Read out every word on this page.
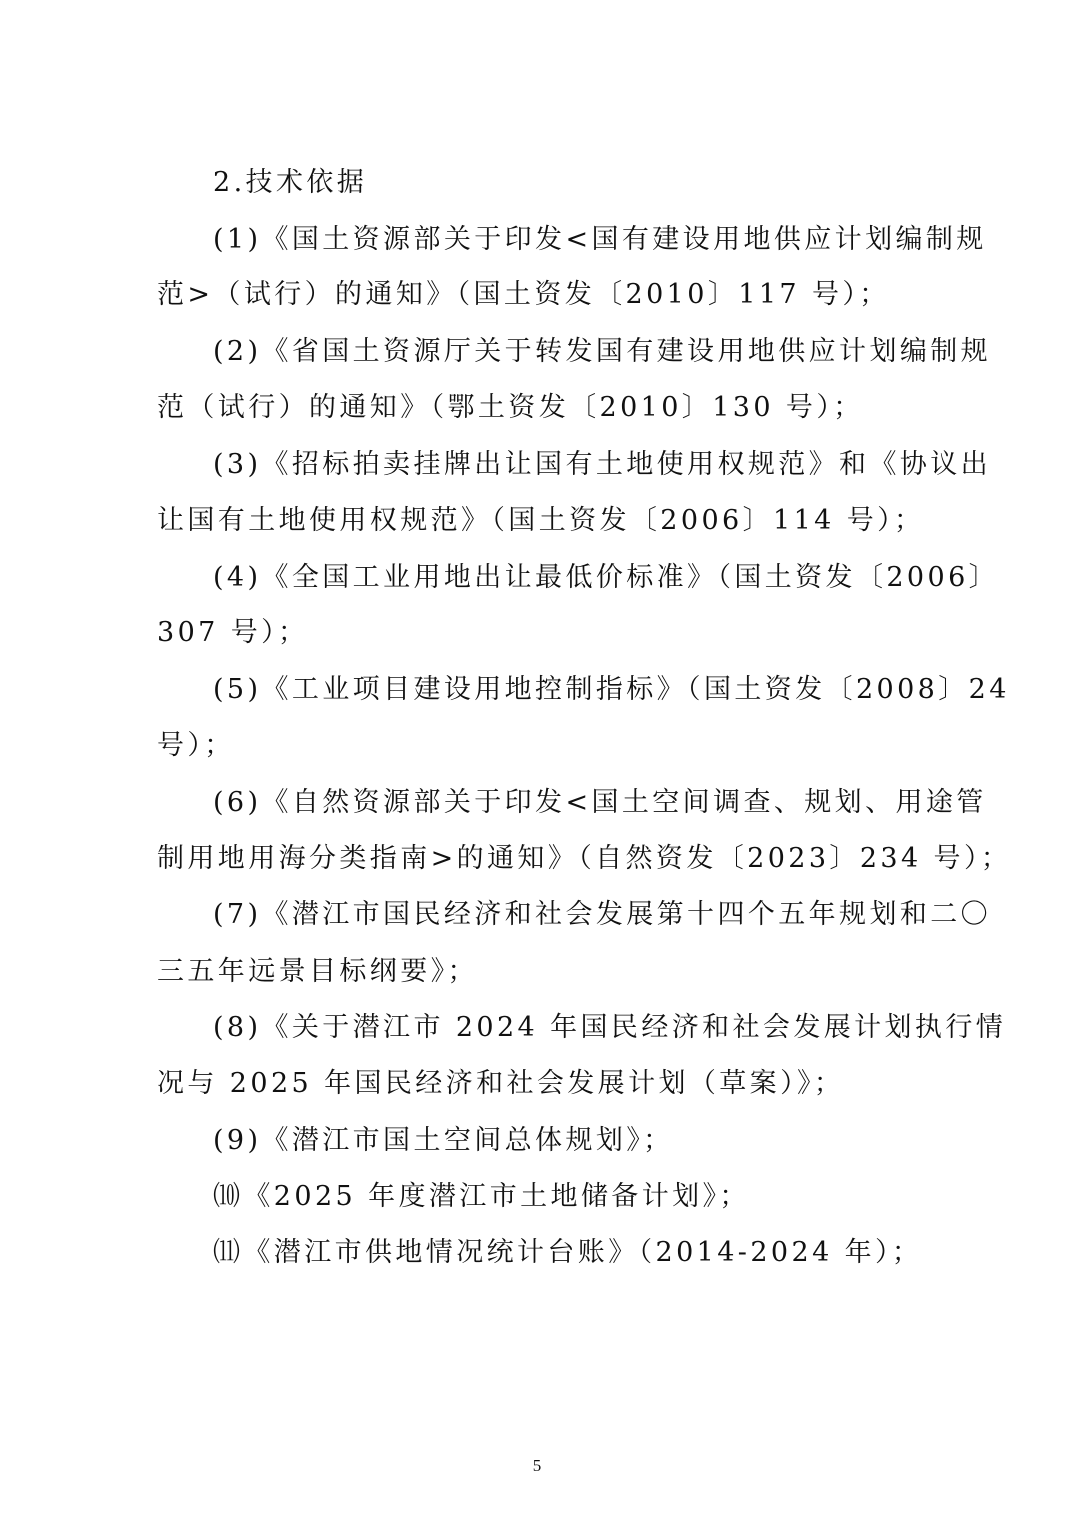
2.技术依据
(1)《国土资源部关于印发<国有建设用地供应计划编制规
范>（试行）的通知》（国土资发〔2010〕117 号）；
(2)《省国土资源厅关于转发国有建设用地供应计划编制规
范（试行）的通知》（鄂土资发〔2010〕130 号）；
(3)《招标拍卖挂牌出让国有土地使用权规范》和《协议出
让国有土地使用权规范》（国土资发〔2006〕114 号）；
(4)《全国工业用地出让最低价标准》（国土资发〔2006〕
307 号）；
(5)《工业项目建设用地控制指标》（国土资发〔2008〕24
号）；
(6)《自然资源部关于印发<国土空间调查、规划、用途管
制用地用海分类指南>的通知》（自然资发〔2023〕234 号）；
(7)《潜江市国民经济和社会发展第十四个五年规划和二〇
三五年远景目标纲要》；
(8)《关于潜江市 2024 年国民经济和社会发展计划执行情
况与 2025 年国民经济和社会发展计划（草案）》；
(9)《潜江市国土空间总体规划》；
⑽《2025 年度潜江市土地储备计划》；
⑾《潜江市供地情况统计台账》（2014-2024 年）；
5
